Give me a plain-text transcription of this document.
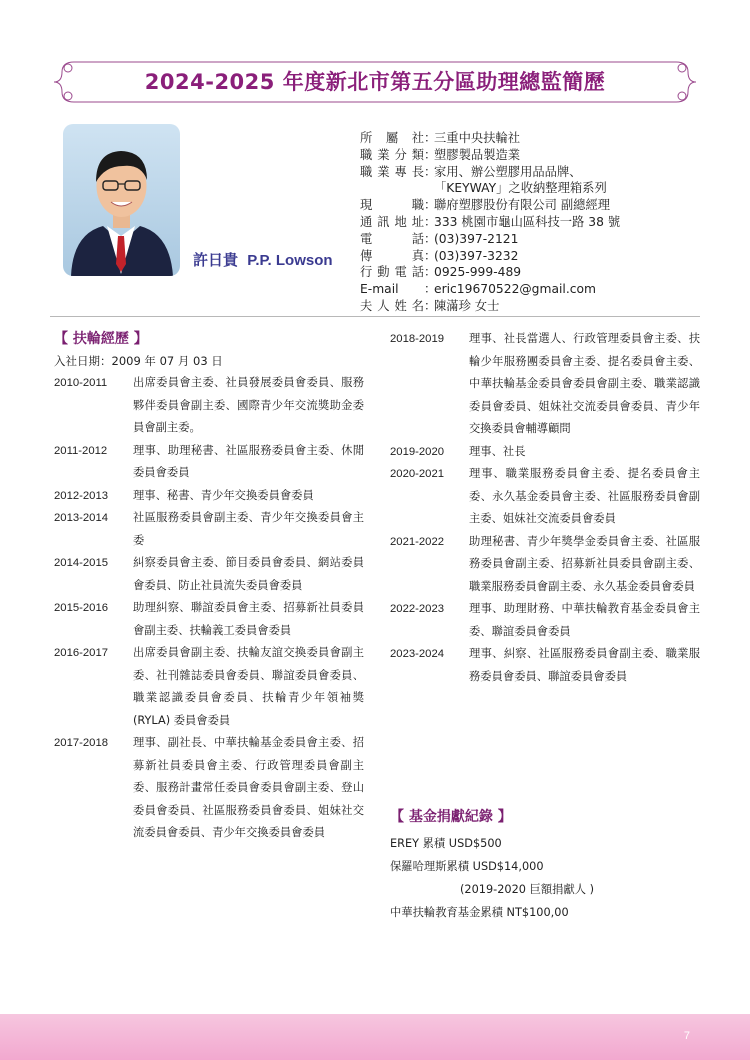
2024-2025 年度新北市第五分區助理總監簡歷
許日貴 P.P. Lowson
所屬社 ：
三重中央扶輪社
職業分類 ：
塑膠製品製造業
職業專長 ：
家用、辦公塑膠用品品牌、
「KEYWAY」之收納整理箱系列
現職 ：
聯府塑膠股份有限公司 副總經理
通訊地址 ：
333 桃園市龜山區科技一路 38 號
電話 ：
(03)397-2121
傳真 ：
(03)397-3232
行動電話 ：
0925-999-489
E-mail	：
eric19670522@gmail.com
夫人姓名 ：
陳滿珍 女士
【 扶輪經歷 】
入社日期：2009 年 07 月 03 日
2010-2011	出席委員會主委、社員發展委員會委員、服務夥伴委員會副主委、國際青少年交流獎助金委員會副主委。
2011-2012	理事、助理秘書、社區服務委員會主委、休閒委員會委員
2012-2013	理事、秘書、青少年交換委員會委員
2013-2014	社區服務委員會副主委、青少年交換委員會主委
2014-2015	糾察委員會主委、節目委員會委員、網站委員會委員、防止社員流失委員會委員
2015-2016	助理糾察、聯誼委員會主委、招募新社員委員會副主委、扶輪義工委員會委員
2016-2017	出席委員會副主委、扶輪友誼交換委員會副主委、社刊雜誌委員會委員、聯誼委員會委員、職業認識委員會委員、扶輪青少年領袖獎(RYLA) 委員會委員
2017-2018	理事、副社長、中華扶輪基金委員會主委、招募新社員委員會主委、行政管理委員會副主委、服務計畫常任委員會委員會副主委、登山委員會委員、社區服務委員會委員、姐妹社交流委員會委員、青少年交換委員會委員
2018-2019	理事、社長當選人、行政管理委員會主委、扶輪少年服務團委員會主委、提名委員會主委、中華扶輪基金委員會委員會副主委、職業認識委員會委員、姐妹社交流委員會委員、青少年交換委員會輔導顧問
2019-2020	理事、社長
2020-2021	理事、職業服務委員會主委、提名委員會主委、永久基金委員會主委、社區服務委員會副主委、姐妹社交流委員會委員
2021-2022	助理秘書、青少年獎學金委員會主委、社區服務委員會副主委、招募新社員委員會副主委、職業服務委員會副主委、永久基金委員會委員
2022-2023	理事、助理財務、中華扶輪教育基金委員會主委、聯誼委員會委員
2023-2024	理事、糾察、社區服務委員會副主委、職業服務委員會委員、聯誼委員會委員
【 基金捐獻紀錄 】
EREY 累積 USD$500
保羅哈理斯累積 USD$14,000
(2019-2020 巨額捐獻人 )
中華扶輪教育基金累積 NT$100,00
7
